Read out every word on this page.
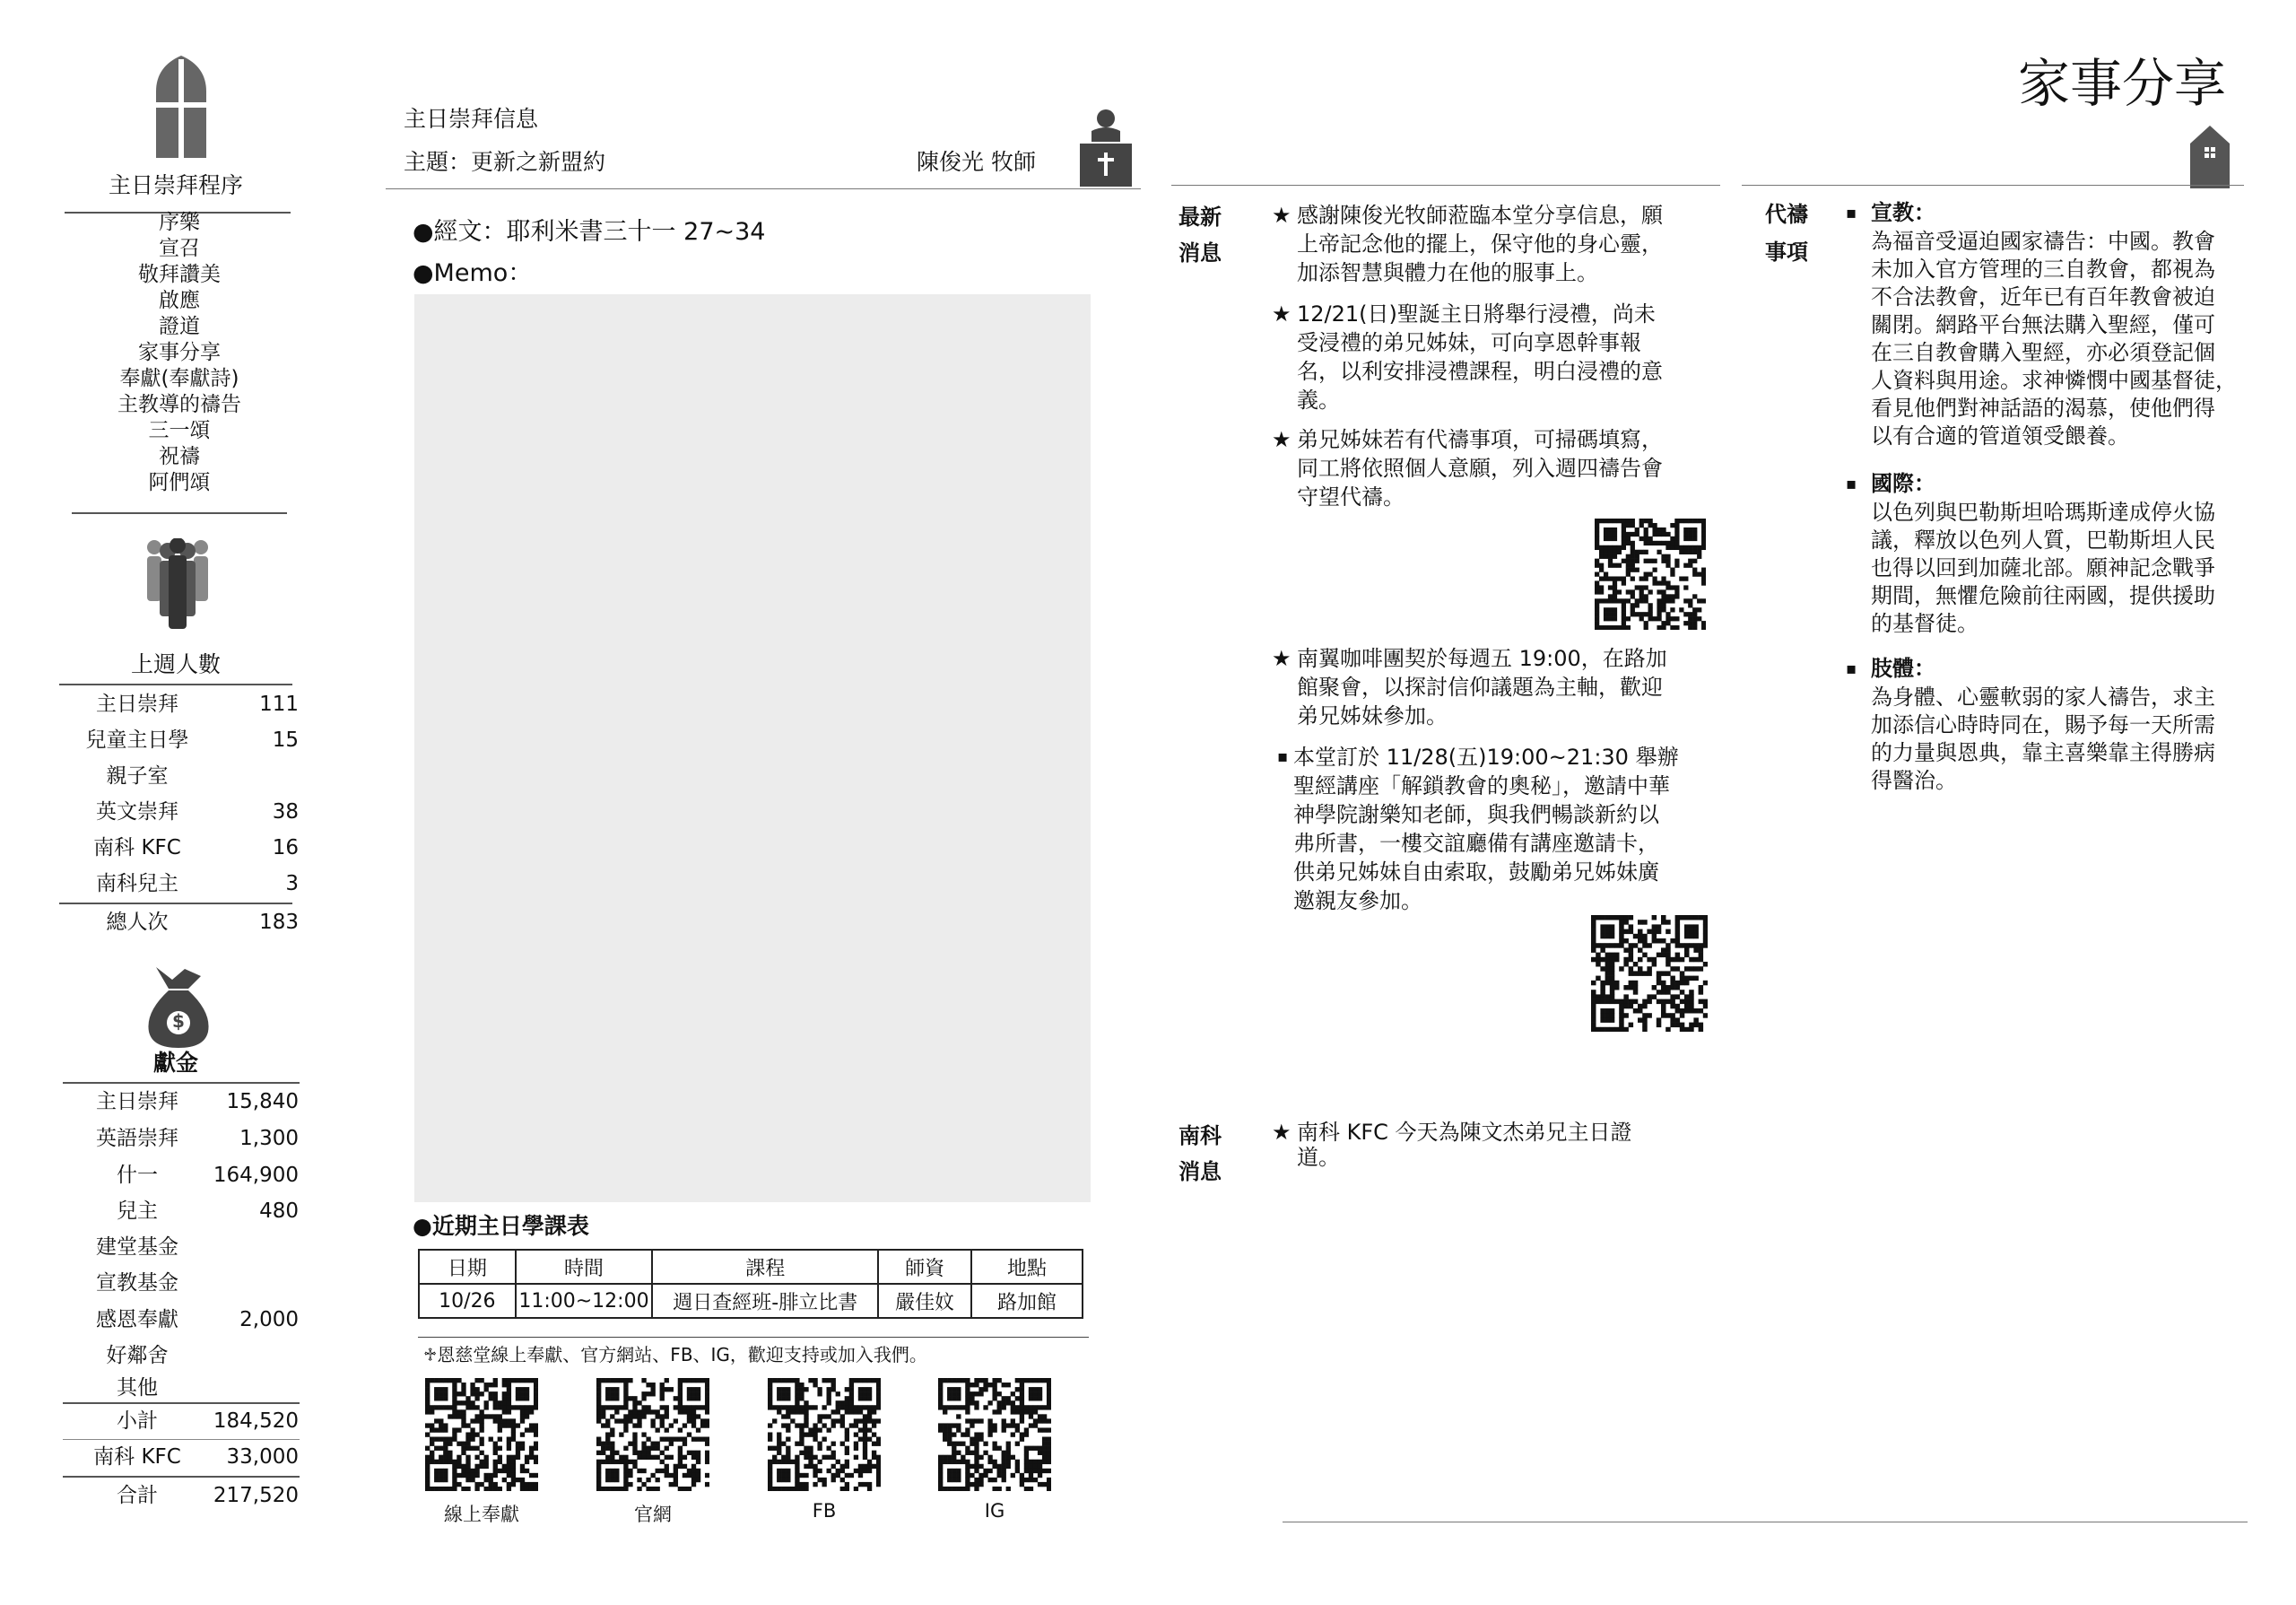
主日崇拜程序
序樂
宣召
敬拜讚美
啟應
證道
家事分享
奉獻(奉獻詩)
主教導的禱告
三一頌
祝禱
阿們頌
上週人數
主日崇拜	111
兒童主日學	15
親子室
英文崇拜	38
南科 KFC	16
南科兒主	3
總人次	183
$
獻金
主日崇拜	15,840
英語崇拜	1,300
什一	164,900
兒主	480
建堂基金
宣教基金
感恩奉獻	2,000
好鄰舍
其他
小計	184,520
南科 KFC	33,000
合計	217,520
主日崇拜信息
主題：更新之新盟約	陳俊光 牧師
●經文：耶利米書三十一 27~34
●Memo：
●近期主日學課表
日期	時間	課程	師資	地點
10/26	11:00~12:00	週日查經班-腓立比書	嚴佳妏	路加館
♱恩慈堂線上奉獻、官方網站、FB、IG，歡迎支持或加入我們。
線上奉獻	官網	FB	IG
家事分享
最新
消息
★ 感謝陳俊光牧師蒞臨本堂分享信息，願
上帝記念他的擺上，保守他的身心靈，
加添智慧與體力在他的服事上。
★ 12/21(日)聖誕主日將舉行浸禮，尚未
受浸禮的弟兄姊妹，可向享恩幹事報
名，以利安排浸禮課程，明白浸禮的意
義。
★ 弟兄姊妹若有代禱事項，可掃碼填寫，
同工將依照個人意願，列入週四禱告會
守望代禱。
★ 南翼咖啡團契於每週五 19:00，在路加
館聚會，以探討信仰議題為主軸，歡迎
弟兄姊妹參加。
▪ 本堂訂於 11/28(五)19:00~21:30 舉辦
聖經講座「解鎖教會的奧秘」，邀請中華
神學院謝樂知老師，與我們暢談新約以
弗所書，一樓交誼廳備有講座邀請卡，
供弟兄姊妹自由索取，鼓勵弟兄姊妹廣
邀親友參加。
南科
消息
★ 南科 KFC 今天為陳文杰弟兄主日證
道。
代禱
事項
▪ 宣教：
為福音受逼迫國家禱告：中國。教會
未加入官方管理的三自教會，都視為
不合法教會，近年已有百年教會被迫
關閉。網路平台無法購入聖經，僅可
在三自教會購入聖經，亦必須登記個
人資料與用途。求神憐憫中國基督徒，
看見他們對神話語的渴慕，使他們得
以有合適的管道領受餵養。
▪ 國際：
以色列與巴勒斯坦哈瑪斯達成停火協
議，釋放以色列人質，巴勒斯坦人民
也得以回到加薩北部。願神記念戰爭
期間，無懼危險前往兩國，提供援助
的基督徒。
▪ 肢體：
為身體、心靈軟弱的家人禱告，求主
加添信心時時同在，賜予每一天所需
的力量與恩典，靠主喜樂靠主得勝病
得醫治。
